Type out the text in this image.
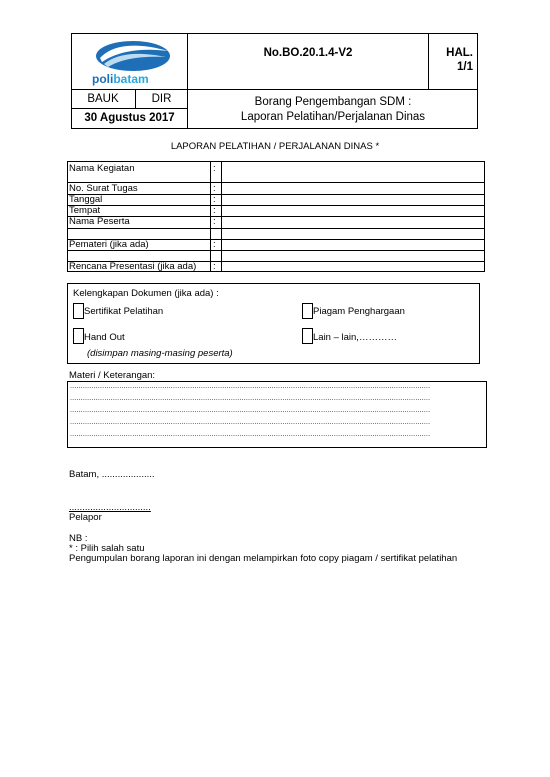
polibatam
No.BO.20.1.4-V2	HAL.
1/1
BAUK	DIR
30 Agustus 2017
Borang Pengembangan SDM :
Laporan Pelatihan/Perjalanan Dinas
LAPORAN PELATIHAN / PERJALANAN DINAS *
Nama Kegiatan	:
No. Surat Tugas	:
Tanggal	:
Tempat	:
Nama Peserta	:
Pemateri (jika ada)	:
Rencana Presentasi (jika ada) :
Kelengkapan Dokumen (jika ada) :
Sertifikat Pelatihan	Piagam Penghargaan
Hand Out	Lain – lain,…………
(disimpan masing-masing peserta)
Materi / Keterangan:
........................................................................................................................................................................
........................................................................................................................................................................
........................................................................................................................................................................
........................................................................................................................................................................
........................................................................................................................................................................
Batam, ....................
...............................
Pelapor
NB :
* : Pilih salah satu
Pengumpulan borang laporan ini dengan melampirkan foto copy piagam / sertifikat pelatihan
